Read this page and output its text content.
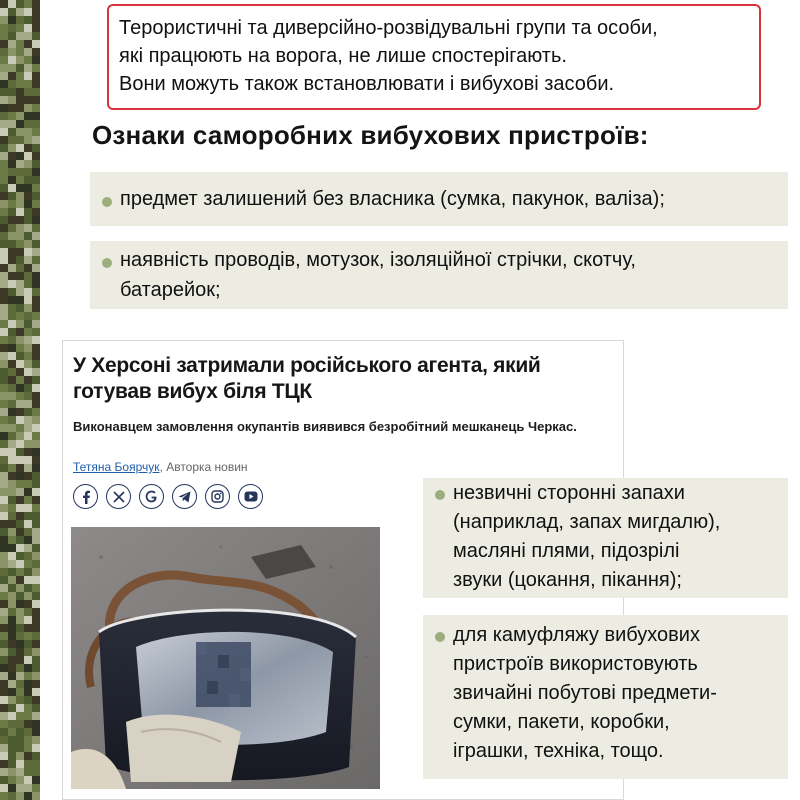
Терористичні та диверсійно-розвідувальні групи та особи,
які працюють на ворога, не лише спостерігають.
Вони можуть також встановлювати і вибухові засоби.
Ознаки саморобних вибухових пристроїв:
предмет залишений без власника (сумка, пакунок, валіза);
наявність проводів, мотузок, ізоляційної стрічки, скотчу,
батарейок;
У Херсоні затримали російського агента, який готував вибух біля ТЦК
Виконавцем замовлення окупантів виявився безробітний мешканець Черкас.
Тетяна Боярчук, Авторка новин
незвичні сторонні запахи
(наприклад, запах мигдалю),
масляні плями, підозрілі
звуки (цокання, пікання);
для камуфляжу вибухових
пристроїв використовують
звичайні побутові предмети-
сумки, пакети, коробки,
іграшки, техніка, тощо.
